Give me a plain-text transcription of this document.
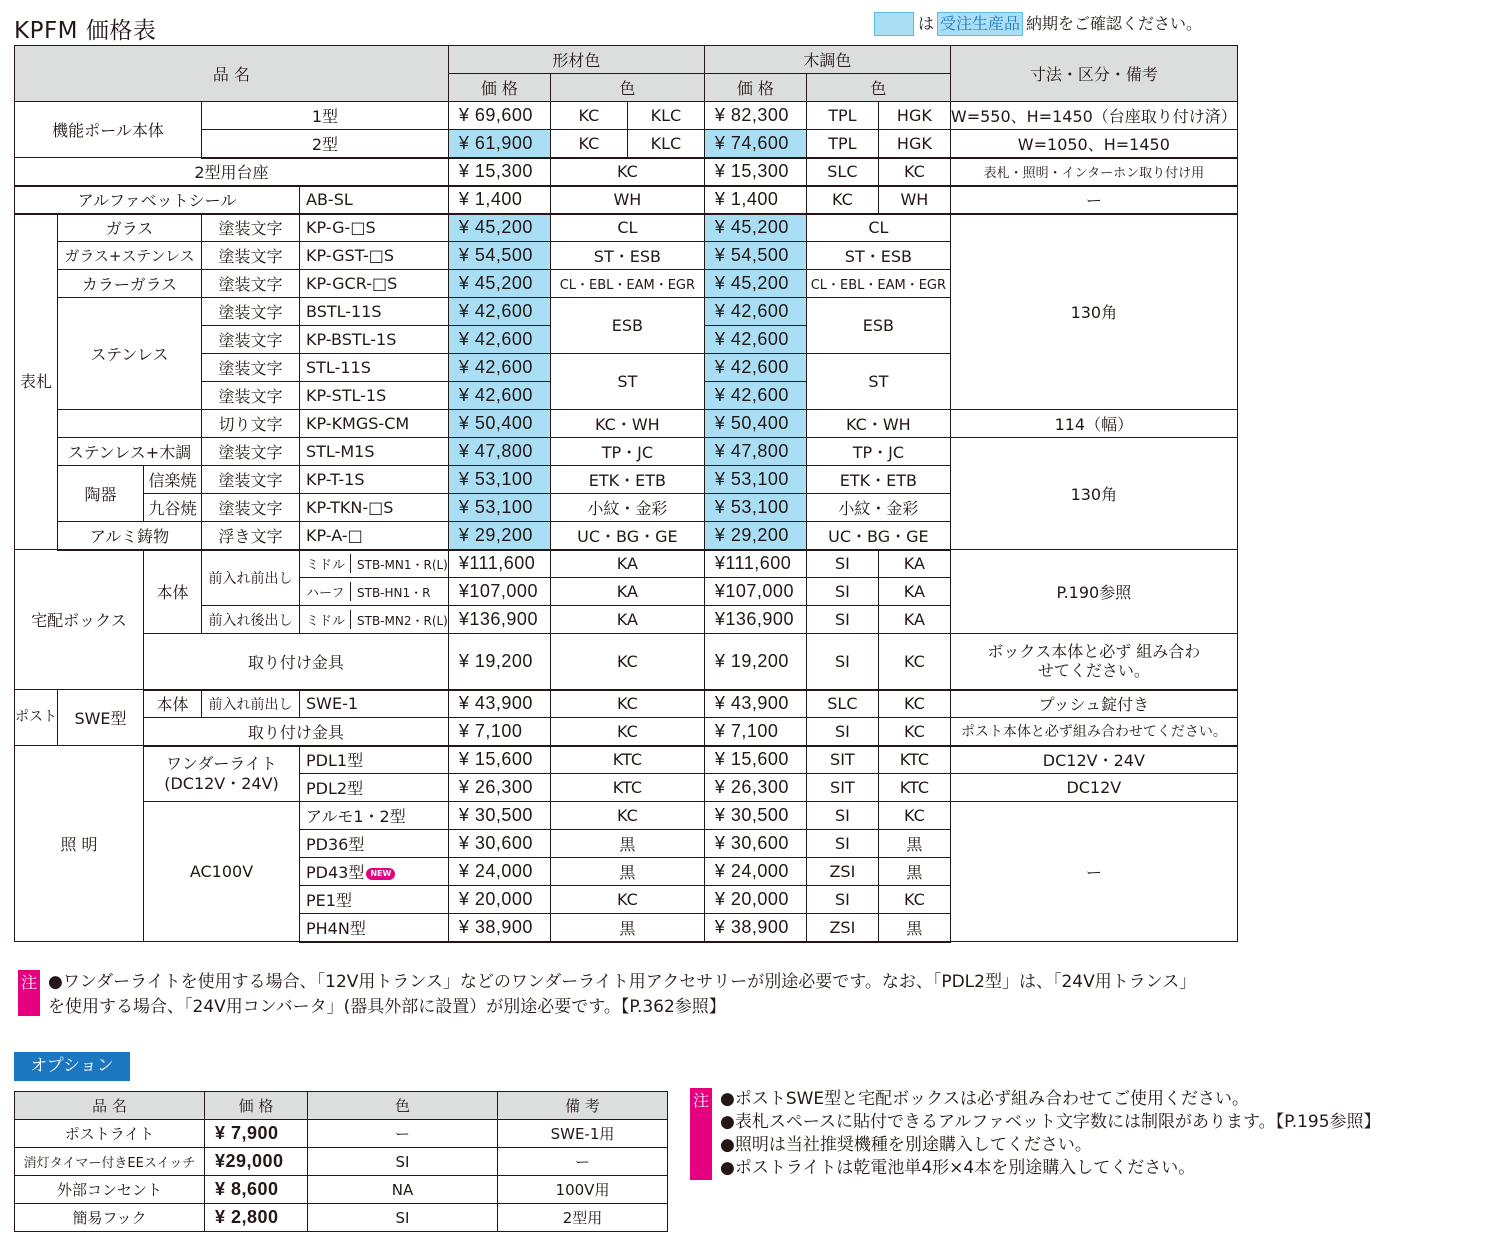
KPFM 価格表	は 受注生産品 納期をご確認ください。
品 名					形材色			木調色			寸法・区分・備考
					価 格	色		価 格	色		
機能ポール本体			1型		¥ 69,600	KC	KLC	¥ 82,300	TPL	HGK	W=550、H=1450（台座取り付け済）
			2型		¥ 61,900	KC	KLC	¥ 74,600	TPL	HGK	W=1050、H=1450
2型用台座					¥ 15,300	KC		¥ 15,300	SLC	KC	表札・照明・インターホン取り付け用
アルファベットシール				AB-SL	¥ 1,400	WH		¥ 1,400	KC	WH	ー
表札	ガラス		塗装文字	KP-G-□S	¥ 45,200	CL		¥ 45,200	CL		130角
	ガラス+ステンレス		塗装文字	KP-GST-□S	¥ 54,500	ST・ESB		¥ 54,500	ST・ESB		
	カラーガラス		塗装文字	KP-GCR-□S	¥ 45,200	CL・EBL・EAM・EGR		¥ 45,200	CL・EBL・EAM・EGR		
	ステンレス		塗装文字	BSTL-11S	¥ 42,600	ESB		¥ 42,600	ESB		
			塗装文字	KP-BSTL-1S	¥ 42,600			¥ 42,600			
			塗装文字	STL-11S	¥ 42,600	ST		¥ 42,600	ST		
			塗装文字	KP-STL-1S	¥ 42,600			¥ 42,600			
			切り文字	KP-KMGS-CM	¥ 50,400	KC・WH		¥ 50,400	KC・WH		114（幅）
	ステンレス+木調		塗装文字	STL-M1S	¥ 47,800	TP・JC		¥ 47,800	TP・JC		130角
	陶器	信楽焼	塗装文字	KP-T-1S	¥ 53,100	ETK・ETB		¥ 53,100	ETK・ETB		
		九谷焼	塗装文字	KP-TKN-□S	¥ 53,100	小紋・金彩		¥ 53,100	小紋・金彩		
	アルミ鋳物		浮き文字	KP-A-□	¥ 29,200	UC・BG・GE		¥ 29,200	UC・BG・GE		
宅配ボックス		本体	前入れ前出し	ミドル STB-MN1・R(L)	¥111,600	KA		¥111,600	SI	KA	P.190参照
				ハーフ STB-HN1・R	¥107,000	KA		¥107,000	SI	KA	
			前入れ後出し	ミドル STB-MN2・R(L)	¥136,900	KA		¥136,900	SI	KA	
		取り付け金具			¥ 19,200	KC		¥ 19,200	SI	KC	ボックス本体と必ず 組み合わせてください。
ポスト	SWE型	本体	前入れ前出し	SWE-1	¥ 43,900	KC		¥ 43,900	SLC	KC	プッシュ錠付き
		取り付け金具			¥ 7,100	KC		¥ 7,100	SI	KC	ポスト本体と必ず組み合わせてください。
照 明		ワンダーライト (DC12V・24V)		PDL1型	¥ 15,600	KTC		¥ 15,600	SIT	KTC	DC12V・24V
				PDL2型	¥ 26,300	KTC		¥ 26,300	SIT	KTC	DC12V
		AC100V		アルモ1・2型	¥ 30,500	KC		¥ 30,500	SI	KC	ー
				PD36型	¥ 30,600	黒		¥ 30,600	SI	黒	
				PD43型 NEW	¥ 24,000	黒		¥ 24,000	ZSI	黒	
				PE1型	¥ 20,000	KC		¥ 20,000	SI	KC	
				PH4N型	¥ 38,900	黒		¥ 38,900	ZSI	黒	
注 ●ワンダーライトを使用する場合、「12V用トランス」などのワンダーライト用アクセサリーが別途必要です。なお、「PDL2型」は、「24V用トランス」を使用する場合、「24V用コンバータ」(器具外部に設置）が別途必要です。【P.362参照】
オプション
品 名	価 格	色	備 考
ポストライト	¥ 7,900	ー	SWE-1用
消灯タイマー付きEEスイッチ	¥29,000	SI	ー
外部コンセント	¥ 8,600	NA	100V用
簡易フック	¥ 2,800	SI	2型用
注 ●ポストSWE型と宅配ボックスは必ず組み合わせてご使用ください。
●表札スペースに貼付できるアルファベット文字数には制限があります。【P.195参照】
●照明は当社推奨機種を別途購入してください。
●ポストライトは乾電池単4形×4本を別途購入してください。
